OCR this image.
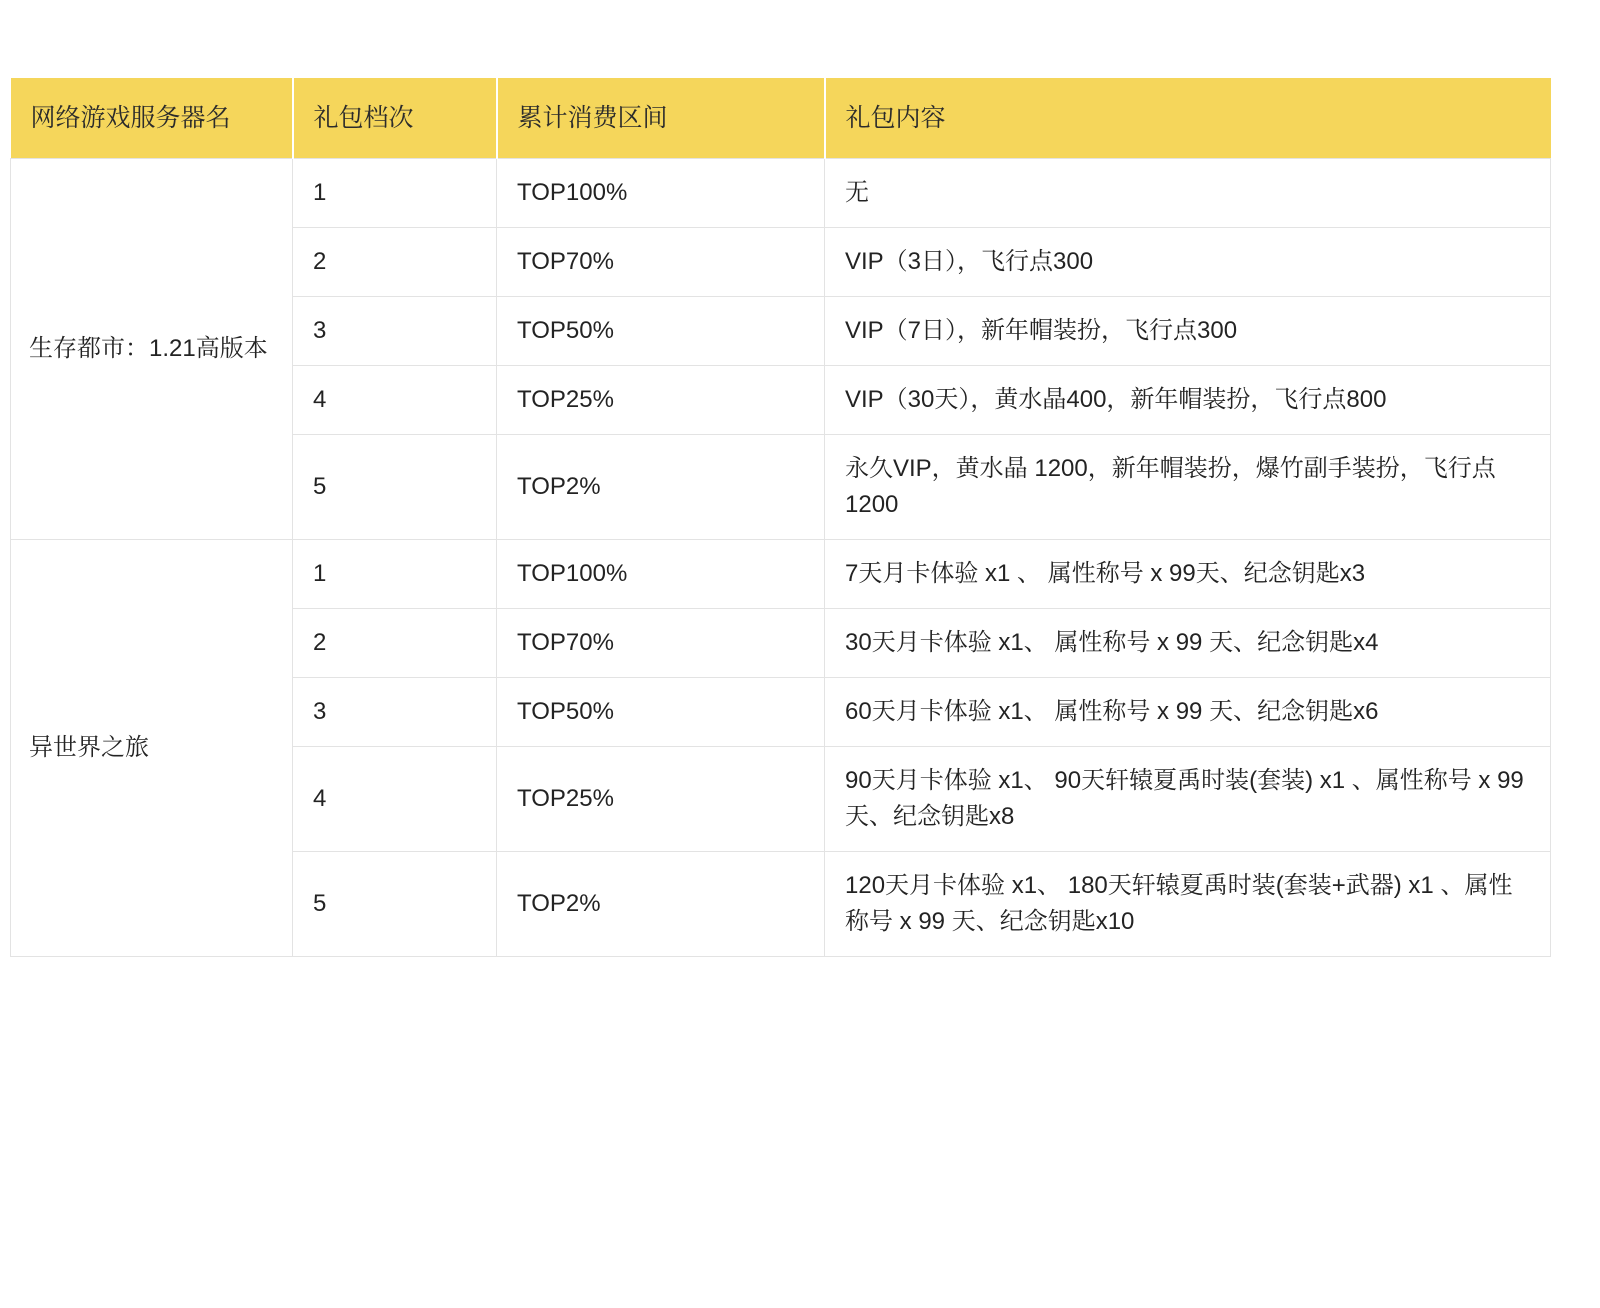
网络游戏服务器名	礼包档次	累计消费区间	礼包内容
生存都市：1.21高版本	1	TOP100%	无
	2	TOP70%	VIP（3日），飞行点300
	3	TOP50%	VIP（7日），新年帽装扮，飞行点300
	4	TOP25%	VIP（30天），黄水晶400，新年帽装扮，飞行点800
	5	TOP2%	永久VIP，黄水晶 1200，新年帽装扮，爆竹副手装扮，飞行点1200
异世界之旅	1	TOP100%	7天月卡体验 x1 、 属性称号 x 99天、纪念钥匙x3
	2	TOP70%	30天月卡体验 x1、 属性称号 x 99 天、纪念钥匙x4
	3	TOP50%	60天月卡体验 x1、 属性称号 x 99 天、纪念钥匙x6
	4	TOP25%	90天月卡体验 x1、 90天轩辕夏禹时装(套装) x1 、属性称号 x 99 天、纪念钥匙x8
	5	TOP2%	120天月卡体验 x1、 180天轩辕夏禹时装(套装+武器) x1 、属性称号 x 99 天、纪念钥匙x10
